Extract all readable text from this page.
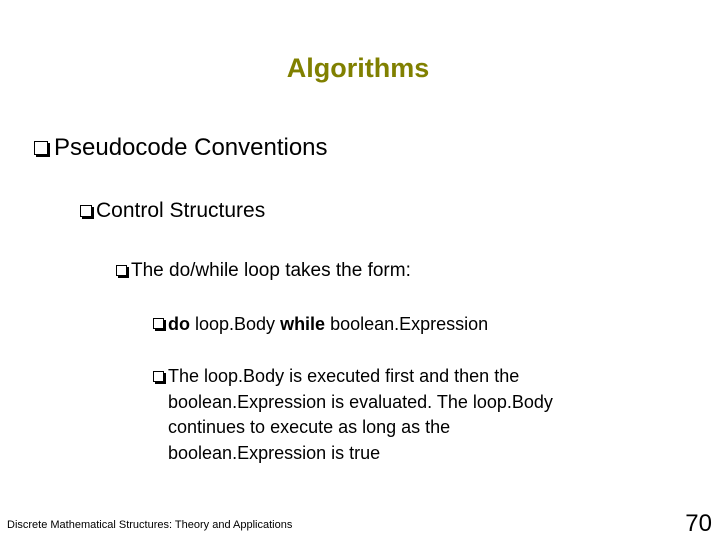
Algorithms
Pseudocode Conventions
Control Structures
The do/while loop takes the form:
do loop.Body while boolean.Expression
The loop.Body is executed first and then the
boolean.Expression is evaluated. The loop.Body
continues to execute as long as the
boolean.Expression is true
Discrete Mathematical Structures: Theory and Applications	70
